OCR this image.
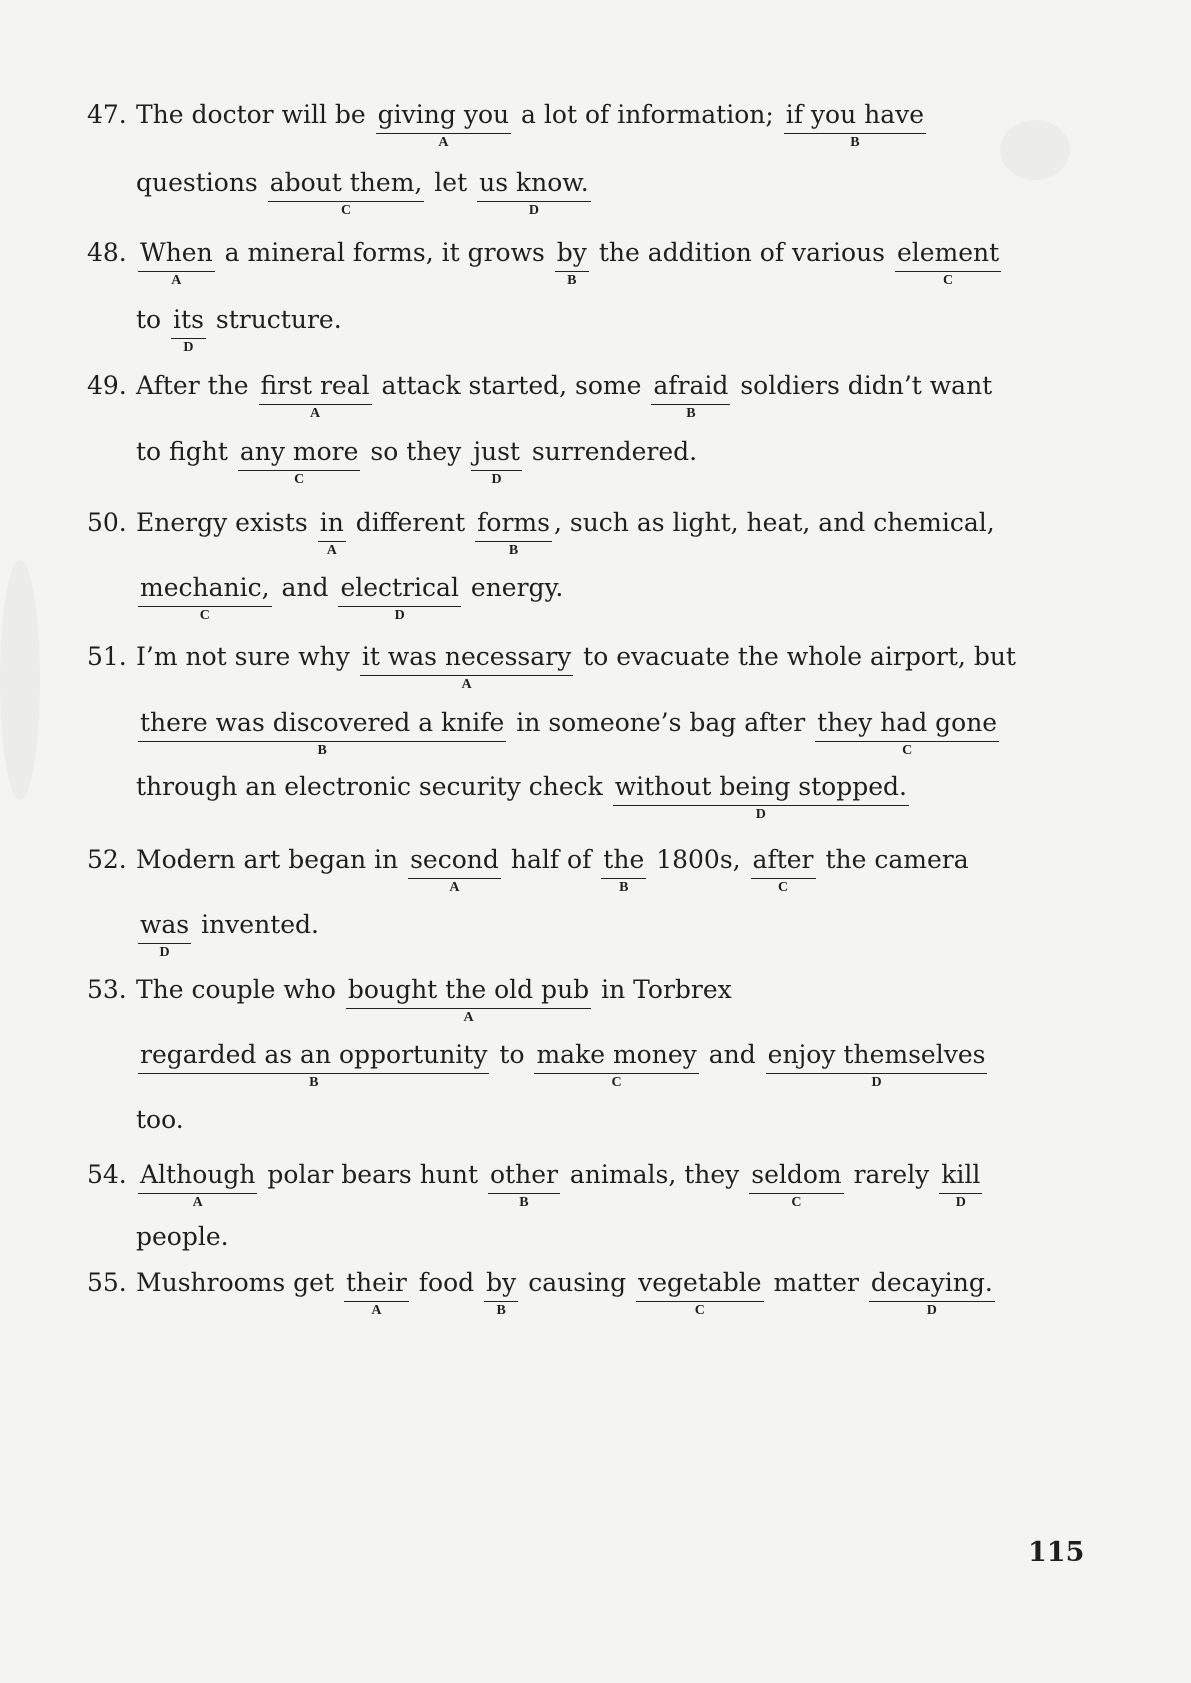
47. The doctor will be giving you
A
a lot of information; if you have
B
questions about them,
C
let us know.
D
48. When
A
a mineral forms, it grows by
B
the addition of various element
C
to its
D
structure.
49. After the first real
A
attack started, some afraid
B
soldiers didn’t want
to fight any more
C
so they just
D
surrendered.
50. Energy exists in
A
different forms
B
, such as light, heat, and chemical,
mechanic,
C
and electrical
D
energy.
51. I’m not sure why it was necessary
A
to evacuate the whole airport, but
there was discovered a knife
B
in someone’s bag after they had gone
C
through an electronic security check without being stopped.
D
52. Modern art began in second
A
half of the
B
1800s, after
C
the camera
was
D
invented.
53. The couple who bought the old pub
A
in Torbrex
regarded as an opportunity
B
to make money
C
and enjoy themselves
D
too.
54. Although
A
polar bears hunt other
B
animals, they seldom
C
rarely kill
D
people.
55. Mushrooms get their
A
food by
B
causing vegetable
C
matter decaying.
D
115
